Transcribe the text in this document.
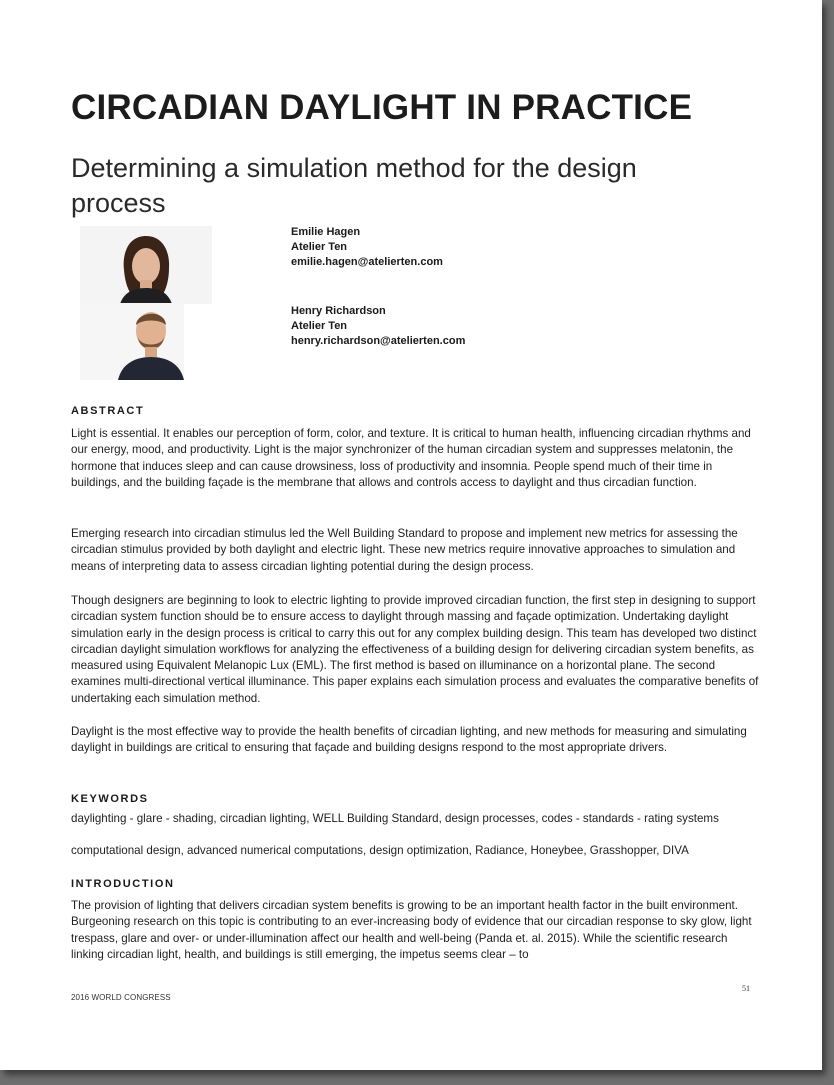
CIRCADIAN DAYLIGHT IN PRACTICE
Determining a simulation method for the design process
Emilie Hagen
Atelier Ten
emilie.hagen@atelierten.com
Henry Richardson
Atelier Ten
henry.richardson@atelierten.com
ABSTRACT

Light is essential. It enables our perception of form, color, and texture. It is critical to human health, influencing circadian rhythms and our energy, mood, and productivity. Light is the major synchronizer of the human circadian system and suppresses melatonin, the hormone that induces sleep and can cause drowsiness, loss of productivity and insomnia. People spend much of their time in buildings, and the building façade is the membrane that allows and controls access to daylight and thus circadian function.

Emerging research into circadian stimulus led the Well Building Standard to propose and implement new metrics for assessing the circadian stimulus provided by both daylight and electric light. These new metrics require innovative approaches to simulation and means of interpreting data to assess circadian lighting potential during the design process.

Though designers are beginning to look to electric lighting to provide improved circadian function, the first step in designing to support circadian system function should be to ensure access to daylight through massing and façade optimization. Undertaking daylight simulation early in the design process is critical to carry this out for any complex building design. This team has developed two distinct circadian daylight simulation workflows for analyzing the effectiveness of a building design for delivering circadian system benefits, as measured using Equivalent Melanopic Lux (EML). The first method is based on illuminance on a horizontal plane. The second examines multi-directional vertical illuminance. This paper explains each simulation process and evaluates the comparative benefits of undertaking each simulation method.

Daylight is the most effective way to provide the health benefits of circadian lighting, and new methods for measuring and simulating daylight in buildings are critical to ensuring that façade and building designs respond to the most appropriate drivers.

KEYWORDS

daylighting - glare - shading, circadian lighting, WELL Building Standard, design processes, codes - standards - rating systems

computational design, advanced numerical computations, design optimization, Radiance, Honeybee, Grasshopper, DIVA

INTRODUCTION

The provision of lighting that delivers circadian system benefits is growing to be an important health factor in the built environment. Burgeoning research on this topic is contributing to an ever-increasing body of evidence that our circadian response to sky glow, light trespass, glare and over- or under-illumination affect our health and well-being (Panda et. al. 2015). While the scientific research linking circadian light, health, and buildings is still emerging, the impetus seems clear – to

51
2016 WORLD CONGRESS
